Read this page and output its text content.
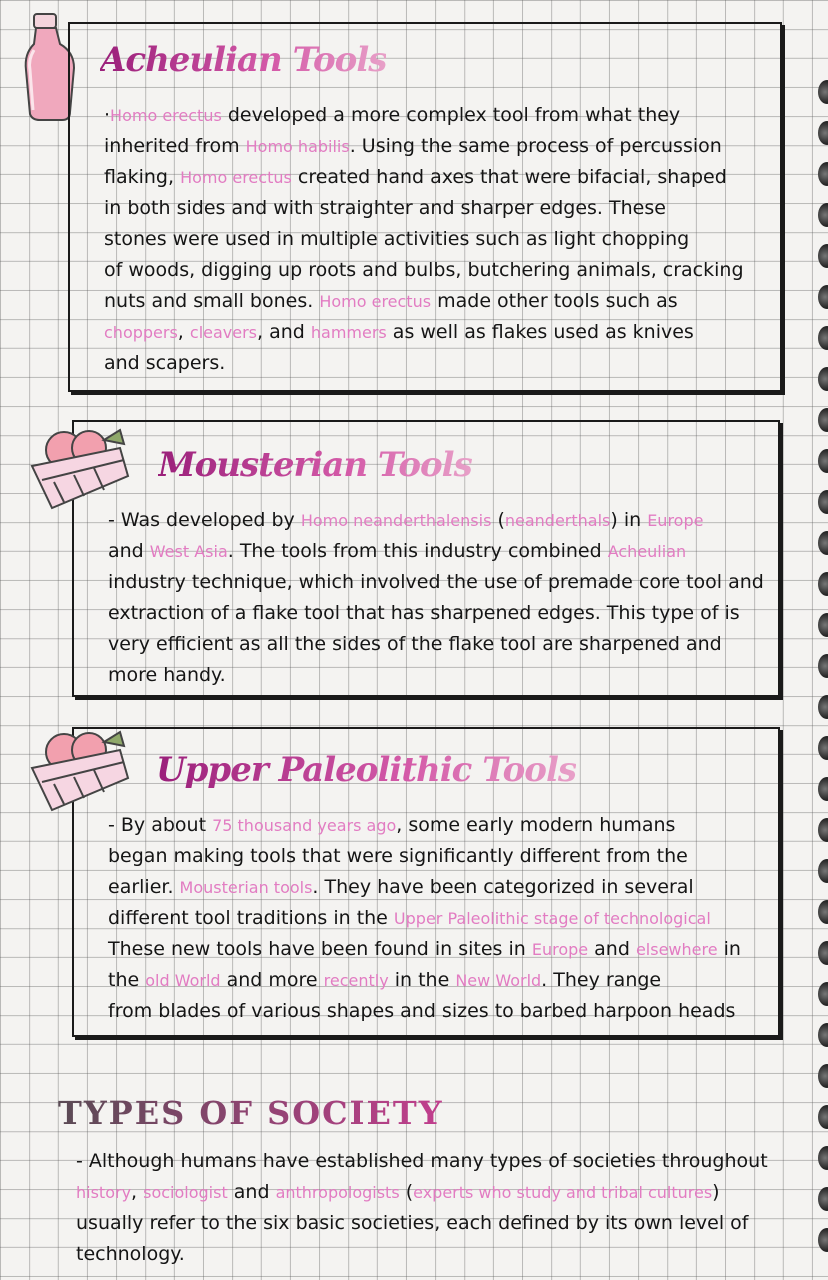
Acheulian Tools
·Homo erectus developed a more complex tool from what they
inherited from Homo habilis. Using the same process of percussion
flaking, Homo erectus created hand axes that were bifacial, shaped
in both sides and with straighter and sharper edges. These
stones were used in multiple activities such as light chopping
of woods, digging up roots and bulbs, butchering animals, cracking
nuts and small bones. Homo erectus made other tools such as
choppers, cleavers, and hammers as well as flakes used as knives
and scapers.
Mousterian Tools
- Was developed by Homo neanderthalensis (neanderthals) in Europe
and West Asia. The tools from this industry combined Acheulian
industry technique, which involved the use of premade core tool and
extraction of a flake tool that has sharpened edges. This type of is
very efficient as all the sides of the flake tool are sharpened and
more handy.
Upper Paleolithic Tools
- By about 75 thousand years ago, some early modern humans
began making tools that were significantly different from the
earlier. Mousterian tools. They have been categorized in several
different tool traditions in the Upper Paleolithic stage of technological
These new tools have been found in sites in Europe and elsewhere in
the old World and more recently in the New World. They range
from blades of various shapes and sizes to barbed harpoon heads
TYPES OF SOCIETY
- Although humans have established many types of societies throughout
history, sociologist and anthropologists (experts who study and tribal cultures)
usually refer to the six basic societies, each defined by its own level of
technology.
